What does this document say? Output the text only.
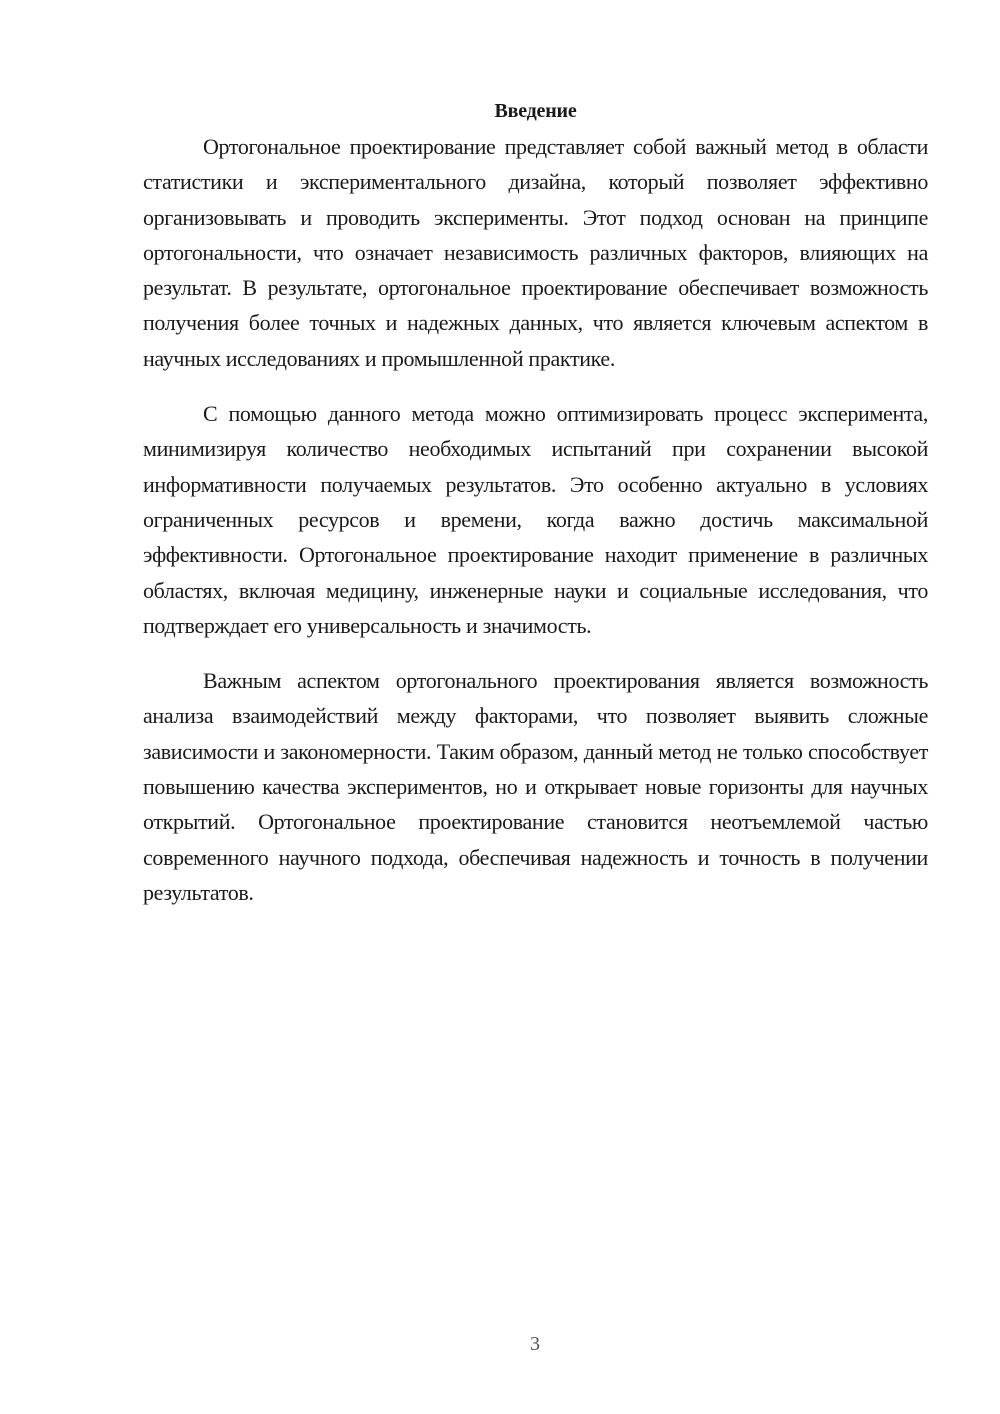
Введение

Ортогональное проектирование представляет собой важный метод в области статистики и экспериментального дизайна, который позволяет эффективно организовывать и проводить эксперименты. Этот подход основан на принципе ортогональности, что означает независимость различных факторов, влияющих на результат. В результате, ортогональное проектирование обеспечивает возможность получения более точных и надежных данных, что является ключевым аспектом в научных исследованиях и промышленной практике.

С помощью данного метода можно оптимизировать процесс эксперимента, минимизируя количество необходимых испытаний при сохранении высокой информативности получаемых результатов. Это особенно актуально в условиях ограниченных ресурсов и времени, когда важно достичь максимальной эффективности. Ортогональное проектирование находит применение в различных областях, включая медицину, инженерные науки и социальные исследования, что подтверждает его универсальность и значимость.

Важным аспектом ортогонального проектирования является возможность анализа взаимодействий между факторами, что позволяет выявить сложные зависимости и закономерности. Таким образом, данный метод не только способствует повышению качества экспериментов, но и открывает новые горизонты для научных открытий. Ортогональное проектирование становится неотъемлемой частью современного научного подхода, обеспечивая надежность и точность в получении результатов.

3
